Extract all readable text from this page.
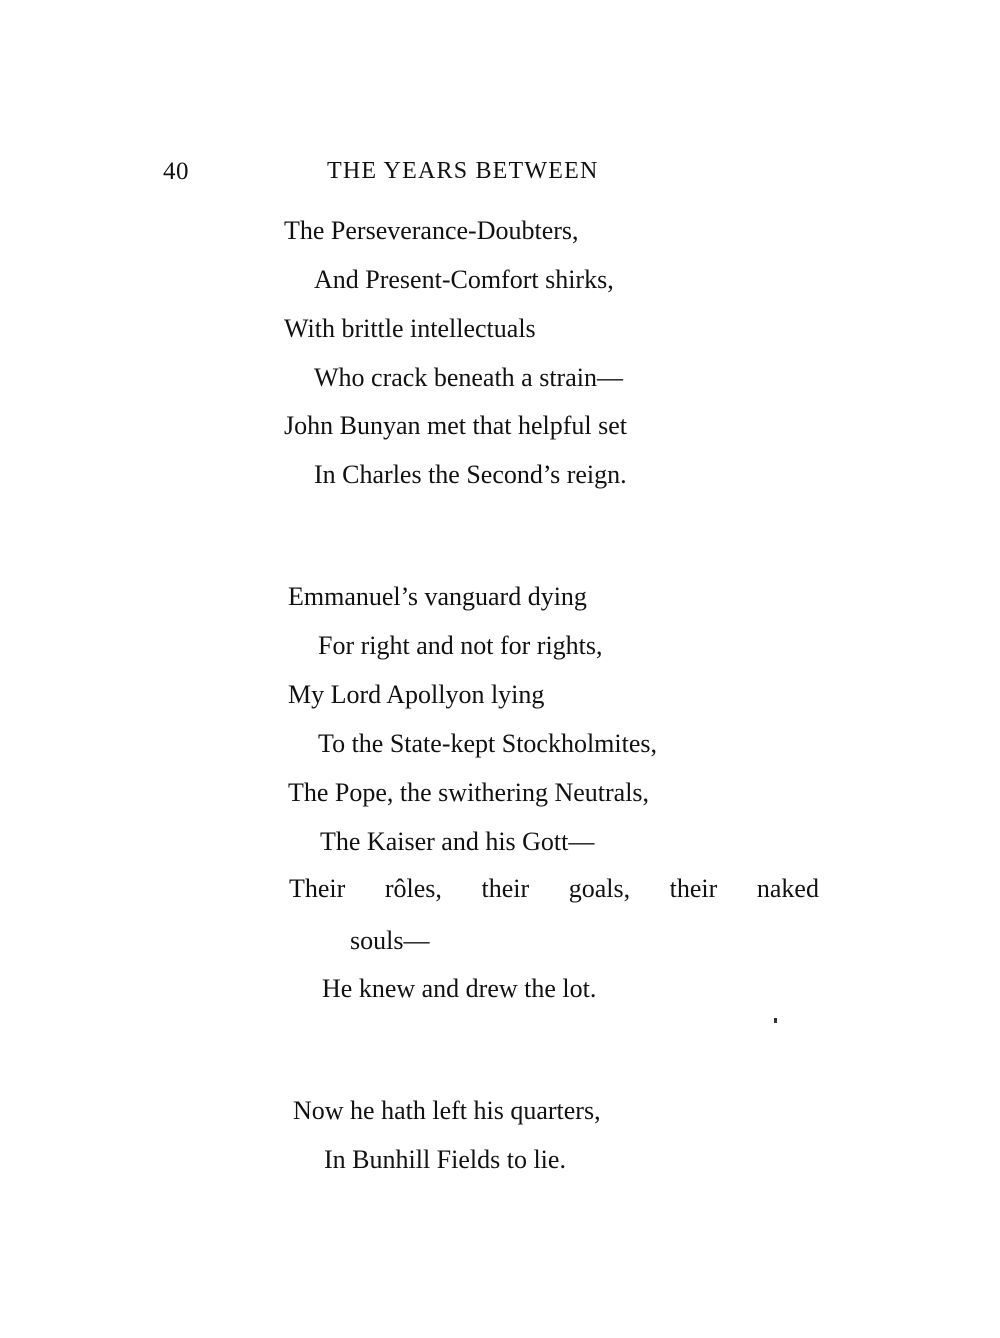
40	THE YEARS BETWEEN
The Perseverance-Doubters,
And Present-Comfort shirks,
With brittle intellectuals
Who crack beneath a strain—
John Bunyan met that helpful set
In Charles the Second’s reign.
Emmanuel’s vanguard dying
For right and not for rights,
My Lord Apollyon lying
To the State-kept Stockholmites,
The Pope, the swithering Neutrals,
The Kaiser and his Gott—
Their rôles, their goals, their naked
souls—
He knew and drew the lot.
Now he hath left his quarters,
In Bunhill Fields to lie.
